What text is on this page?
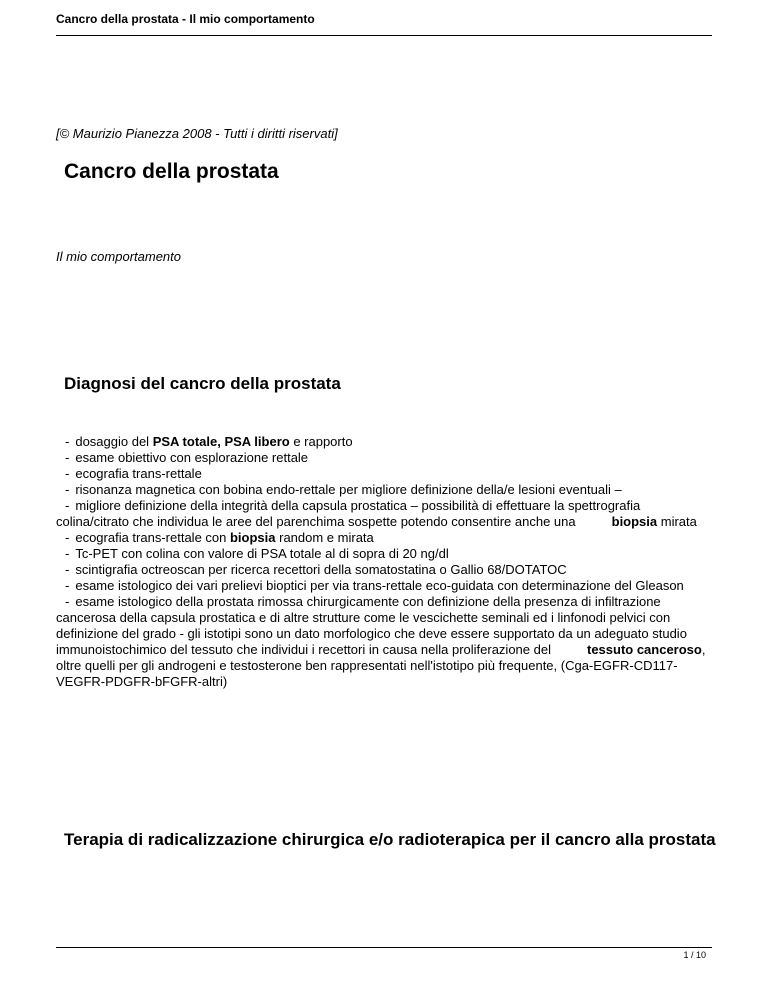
Cancro della prostata - Il mio comportamento
[© Maurizio Pianezza 2008 - Tutti i diritti riservati]
Cancro della prostata
Il mio comportamento
Diagnosi del cancro della prostata
- dosaggio del PSA totale, PSA libero e rapporto
- esame obiettivo con esplorazione rettale
- ecografia trans-rettale
- risonanza magnetica con bobina endo-rettale per migliore definizione della/e lesioni eventuali –
- migliore definizione della integrità della capsula prostatica – possibilità di effettuare la spettrografia colina/citrato che individua le aree del parenchima sospette potendo consentire anche una	biopsia mirata
- ecografia trans-rettale con biopsia random e mirata
- Tc-PET con colina con valore di PSA totale al di sopra di 20 ng/dl
- scintigrafia octreoscan per ricerca recettori della somatostatina o Gallio 68/DOTATOC
- esame istologico dei vari prelievi bioptici per via trans-rettale eco-guidata con determinazione del Gleason
- esame istologico della prostata rimossa chirurgicamente con definizione della presenza di infiltrazione cancerosa della capsula prostatica e di altre strutture come le vescichette seminali ed i linfonodi pelvici con definizione del grado - gli istotipi sono un dato morfologico che deve essere supportato da un adeguato studio immunoistochimico del tessuto che individui i recettori in causa nella proliferazione del	tessuto canceroso, oltre quelli per gli androgeni e testosterone ben rappresentati nell'istotipo più frequente, (Cga-EGFR-CD117-VEGFR-PDGFR-bFGFR-altri)
Terapia di radicalizzazione chirurgica e/o radioterapica per il cancro alla prostata
1 / 10
